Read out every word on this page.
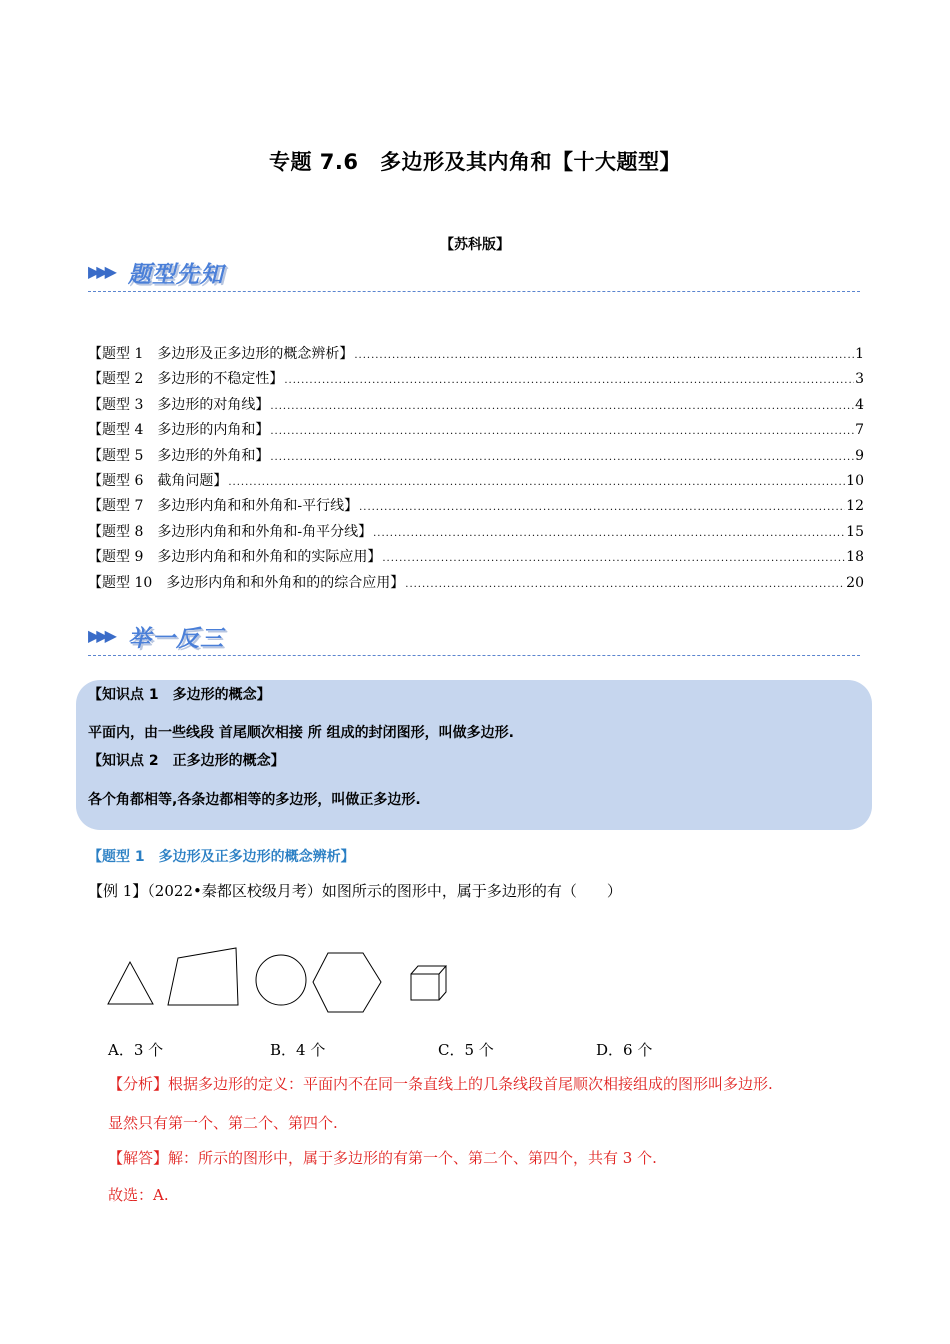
专题 7.6　多边形及其内角和【十大题型】
【苏科版】
▶▶▶ 题型先知
【题型 1　多边形及正多边形的概念辨析】 .....	1
【题型 2　多边形的不稳定性】 .....	3
【题型 3　多边形的对角线】 .....	4
【题型 4　多边形的内角和】 .....	7
【题型 5　多边形的外角和】 .....	9
【题型 6　截角问题】 .....	10
【题型 7　多边形内角和和外角和-平行线】 .....	12
【题型 8　多边形内角和和外角和-角平分线】 .....	15
【题型 9　多边形内角和和外角和的实际应用】 .....	18
【题型 10　多边形内角和和外角和的的综合应用】 .....	20
▶▶▶ 举一反三
【知识点 1　多边形的概念】
平面内，由一些线段 首尾顺次相接 所 组成的封闭图形，叫做多边形.
【知识点 2　正多边形的概念】
各个角都相等,各条边都相等的多边形，叫做正多边形.
【题型 1　多边形及正多边形的概念辨析】
【例 1】（2022•秦都区校级月考）如图所示的图形中，属于多边形的有（　　）
A．3 个	B．4 个	C．5 个	D．6 个
【分析】根据多边形的定义：平面内不在同一条直线上的几条线段首尾顺次相接组成的图形叫多边形.
显然只有第一个、第二个、第四个.
【解答】解：所示的图形中，属于多边形的有第一个、第二个、第四个，共有 3 个.
故选：A.
